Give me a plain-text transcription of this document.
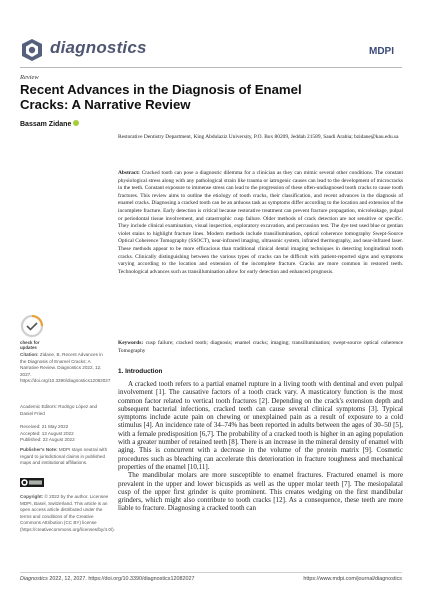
diagnostics	MDPI
Review
Recent Advances in the Diagnosis of Enamel Cracks: A Narrative Review
Bassam Zidane
Restorative Dentistry Department, King Abdulaziz University, P.O. Box 80209, Jeddah 21589, Saudi Arabia; bzidane@kau.edu.sa
Abstract: Cracked tooth can pose a diagnostic dilemma for a clinician as they can mimic several other conditions. The constant physiological stress along with any pathological strain like trauma or iatrogenic causes can lead to the development of microcracks in the teeth. Constant exposure to immense stress can lead to the progression of these often-undiagnosed tooth cracks to cause tooth fractures. This review aims to outline the etiology of tooth cracks, their classification, and recent advances in the diagnosis of enamel cracks. Diagnosing a cracked tooth can be an arduous task as symptoms differ according to the location and extension of the incomplete fracture. Early detection is critical because restorative treatment can prevent fracture propagation, microleakage, pulpal or periodontal tissue involvement, and catastrophic cusp failure. Older methods of crack detection are not sensitive or specific. They include clinical examination, visual inspection, exploratory excavation, and percussion test. The dye test used blue or gentian violet stains to highlight fracture lines. Modern methods include transillumination, optical coherence tomography Swept-Source Optical Coherence Tomography (SSOCT), near-infrared imaging, ultrasonic system, infrared thermography, and near-infrared laser. These methods appear to be more efficacious than traditional clinical dental imaging techniques in detecting longitudinal tooth cracks. Clinically distinguishing between the various types of cracks can be difficult with patient-reported signs and symptoms varying according to the location and extension of the incomplete fracture. Cracks are more common in restored teeth. Technological advances such as transillumination allow for early detection and enhanced prognosis.
Keywords: cusp failure; cracked tooth; diagnosis; enamel cracks; imaging; transillumination; swept-source optical coherence Tomography
1. Introduction

A cracked tooth refers to a partial enamel rupture in a living tooth with dentinal and even pulpal involvement [1]. The causative factors of a tooth crack vary. A masticatory function is the most common factor related to vertical tooth fractures [2]. Depending on the crack's extension depth and subsequent bacterial infections, cracked teeth can cause several clinical symptoms [3]. Typical symptoms include acute pain on chewing or unexplained pain as a result of exposure to a cold stimulus [4]. An incidence rate of 34–74% has been reported in adults between the ages of 30–50 [5], with a female predisposition [6,7]. The probability of a cracked tooth is higher in an aging population with a greater number of retained teeth [8]. There is an increase in the mineral density of enamel with aging. This is concurrent with a decrease in the volume of the protein matrix [9]. Cosmetic procedures such as bleaching can accelerate this deterioration in fracture toughness and mechanical properties of the enamel [10,11].

The mandibular molars are more susceptible to enamel fractures. Fractured enamel is more prevalent in the upper and lower bicuspids as well as the upper molar teeth [7]. The mesiopalatal cusp of the upper first grinder is quite prominent. This creates wedging on the first mandibular grinders, which might also contribute to tooth cracks [12]. As a consequence, these teeth are more liable to fracture. Diagnosing a cracked tooth can

check for
updates
Citation: Zidane, B. Recent Advances in the Diagnosis of Enamel Cracks: A Narrative Review. Diagnostics 2022, 12, 2027. https://doi.org/10.3390/diagnostics12082027
Academic Editors: Rodrigo López and Daniel Fried
Received: 21 May 2022
Accepted: 13 August 2022
Published: 22 August 2022
Publisher's Note: MDPI stays neutral with regard to jurisdictional claims in published maps and institutional affiliations.
Copyright: © 2022 by the author. Licensee MDPI, Basel, Switzerland. This article is an open access article distributed under the terms and conditions of the Creative Commons Attribution (CC BY) license (https://creativecommons.org/licenses/by/4.0/).
Diagnostics 2022, 12, 2027. https://doi.org/10.3390/diagnostics12082027	https://www.mdpi.com/journal/diagnostics
